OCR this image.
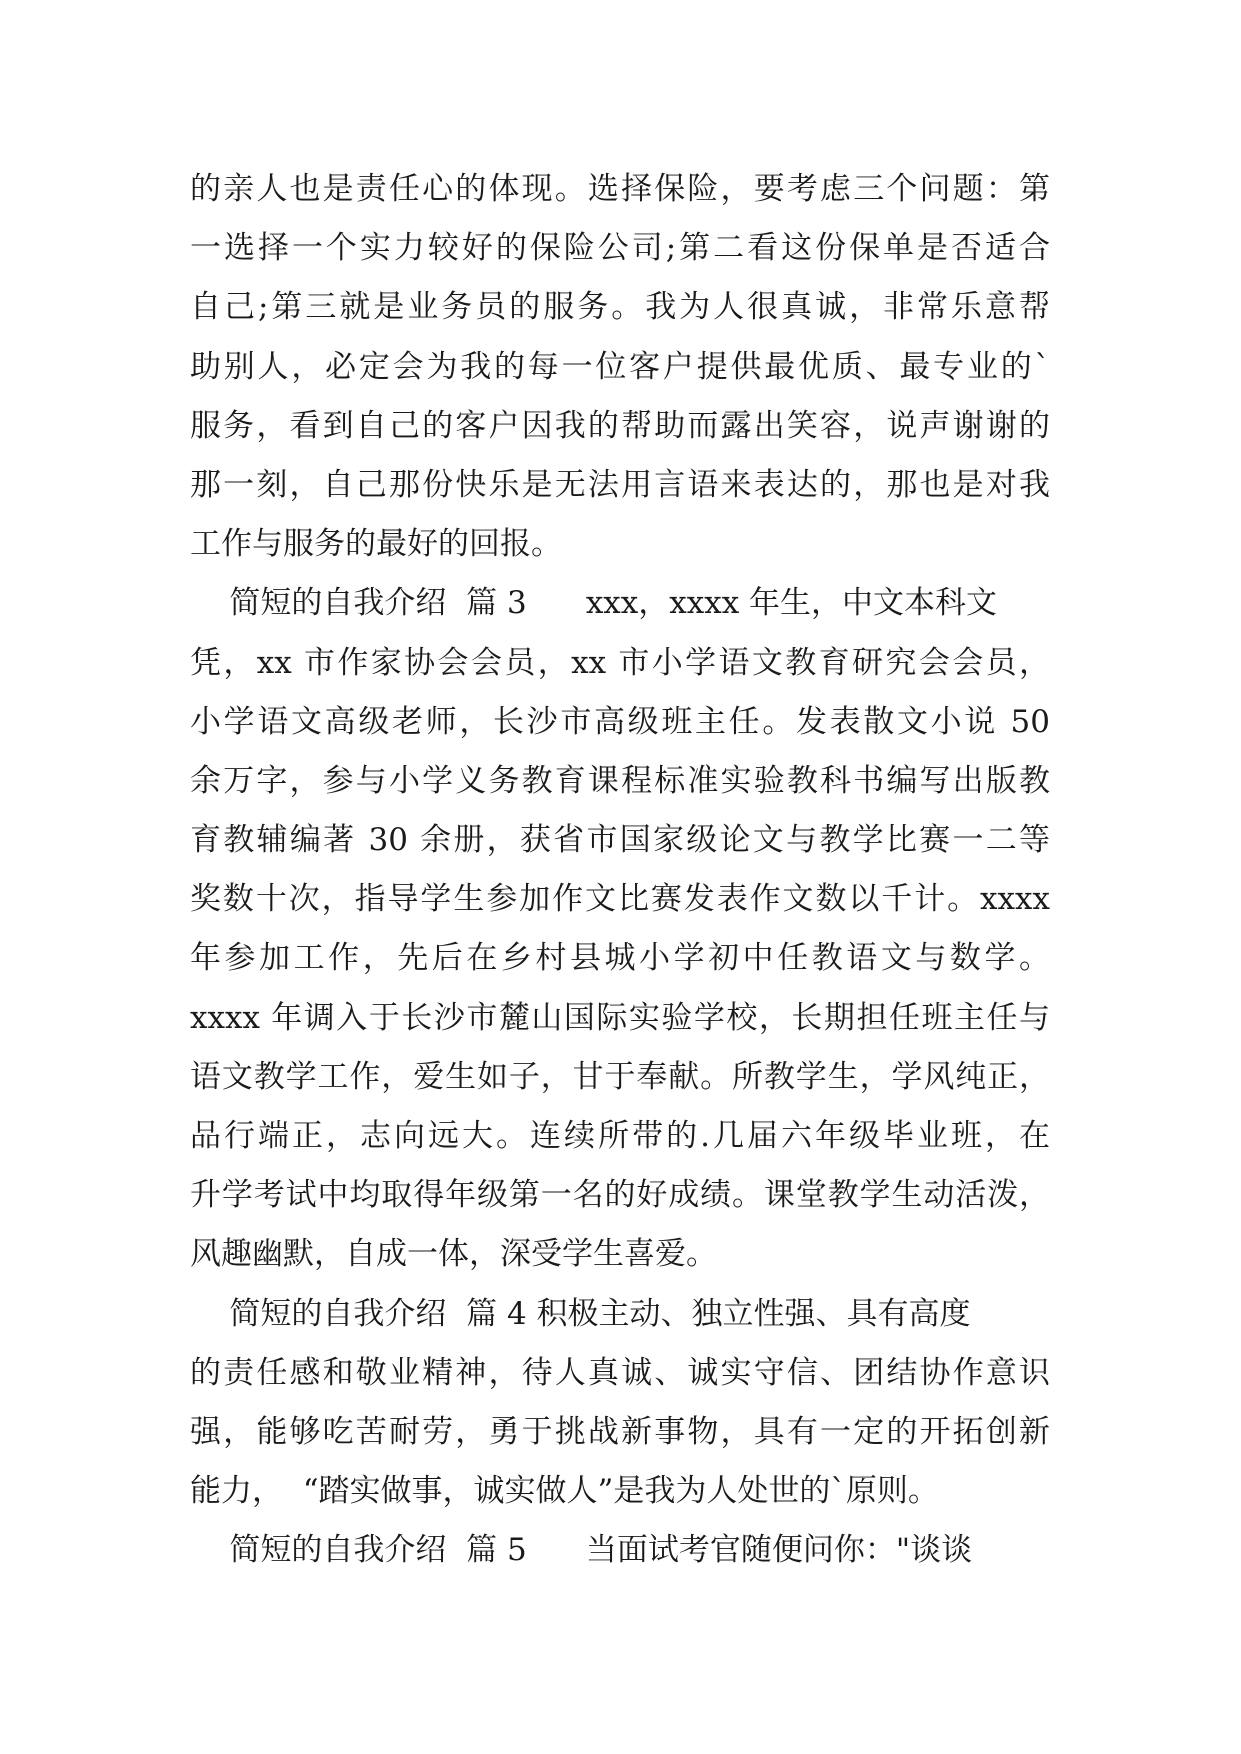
的亲人也是责任心的体现。选择保险，要考虑三个问题：第
一选择一个实力较好的保险公司;第二看这份保单是否适合
自己;第三就是业务员的服务。我为人很真诚，非常乐意帮
助别人，必定会为我的每一位客户提供最优质、最专业的`
服务，看到自己的客户因我的帮助而露出笑容，说声谢谢的
那一刻，自己那份快乐是无法用言语来表达的，那也是对我
工作与服务的最好的回报。
简短的自我介绍  篇 3      xxx，xxxx 年生，中文本科文
凭，xx 市作家协会会员，xx 市小学语文教育研究会会员，
小学语文高级老师，长沙市高级班主任。发表散文小说 50
余万字，参与小学义务教育课程标准实验教科书编写出版教
育教辅编著 30 余册，获省市国家级论文与教学比赛一二等
奖数十次，指导学生参加作文比赛发表作文数以千计。xxxx
年参加工作，先后在乡村县城小学初中任教语文与数学。
xxxx 年调入于长沙市麓山国际实验学校，长期担任班主任与
语文教学工作，爱生如子，甘于奉献。所教学生，学风纯正，
品行端正，志向远大。连续所带的.几届六年级毕业班，在
升学考试中均取得年级第一名的好成绩。课堂教学生动活泼，
风趣幽默，自成一体，深受学生喜爱。
简短的自我介绍  篇 4 积极主动、独立性强、具有高度
的责任感和敬业精神，待人真诚、诚实守信、团结协作意识
强，能够吃苦耐劳，勇于挑战新事物，具有一定的开拓创新
能力，  “踏实做事，诚实做人”是我为人处世的`原则。
简短的自我介绍  篇 5      当面试考官随便问你："谈谈
